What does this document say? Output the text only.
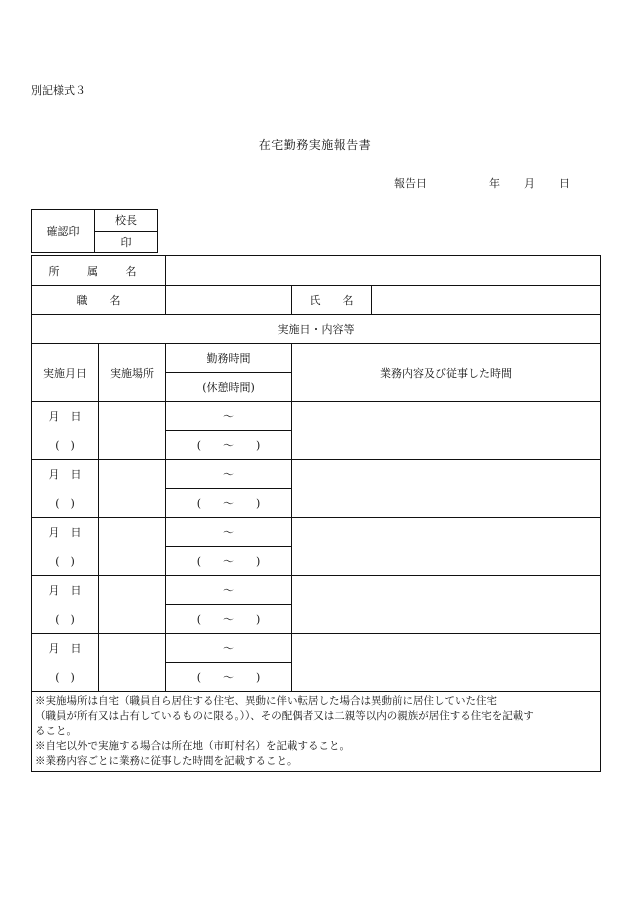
別記様式３
在宅勤務実施報告書
報告日	年 月 日
確認印	校長
印
所 属 名				
職　　名			氏　　名	
実施日・内容等				
実施月日	実施場所	勤務時間	業務内容及び従事した時間	
		(休憩時間)		
月　日		～		
(　)		(　　～　　)		
月　日		～		
(　)		(　　～　　)		
月　日		～		
(　)		(　　～　　)		
月　日		～		
(　)		(　　～　　)		
月　日		～		
(　)		(　　～　　)		

※実施場所は自宅（職員自ら居住する住宅、異動に伴い転居した場合は異動前に居住していた住宅
（職員が所有又は占有しているものに限る。））、その配偶者又は二親等以内の親族が居住する住宅を記載す
ること。
※自宅以外で実施する場合は所在地（市町村名）を記載すること。
※業務内容ごとに業務に従事した時間を記載すること。				
